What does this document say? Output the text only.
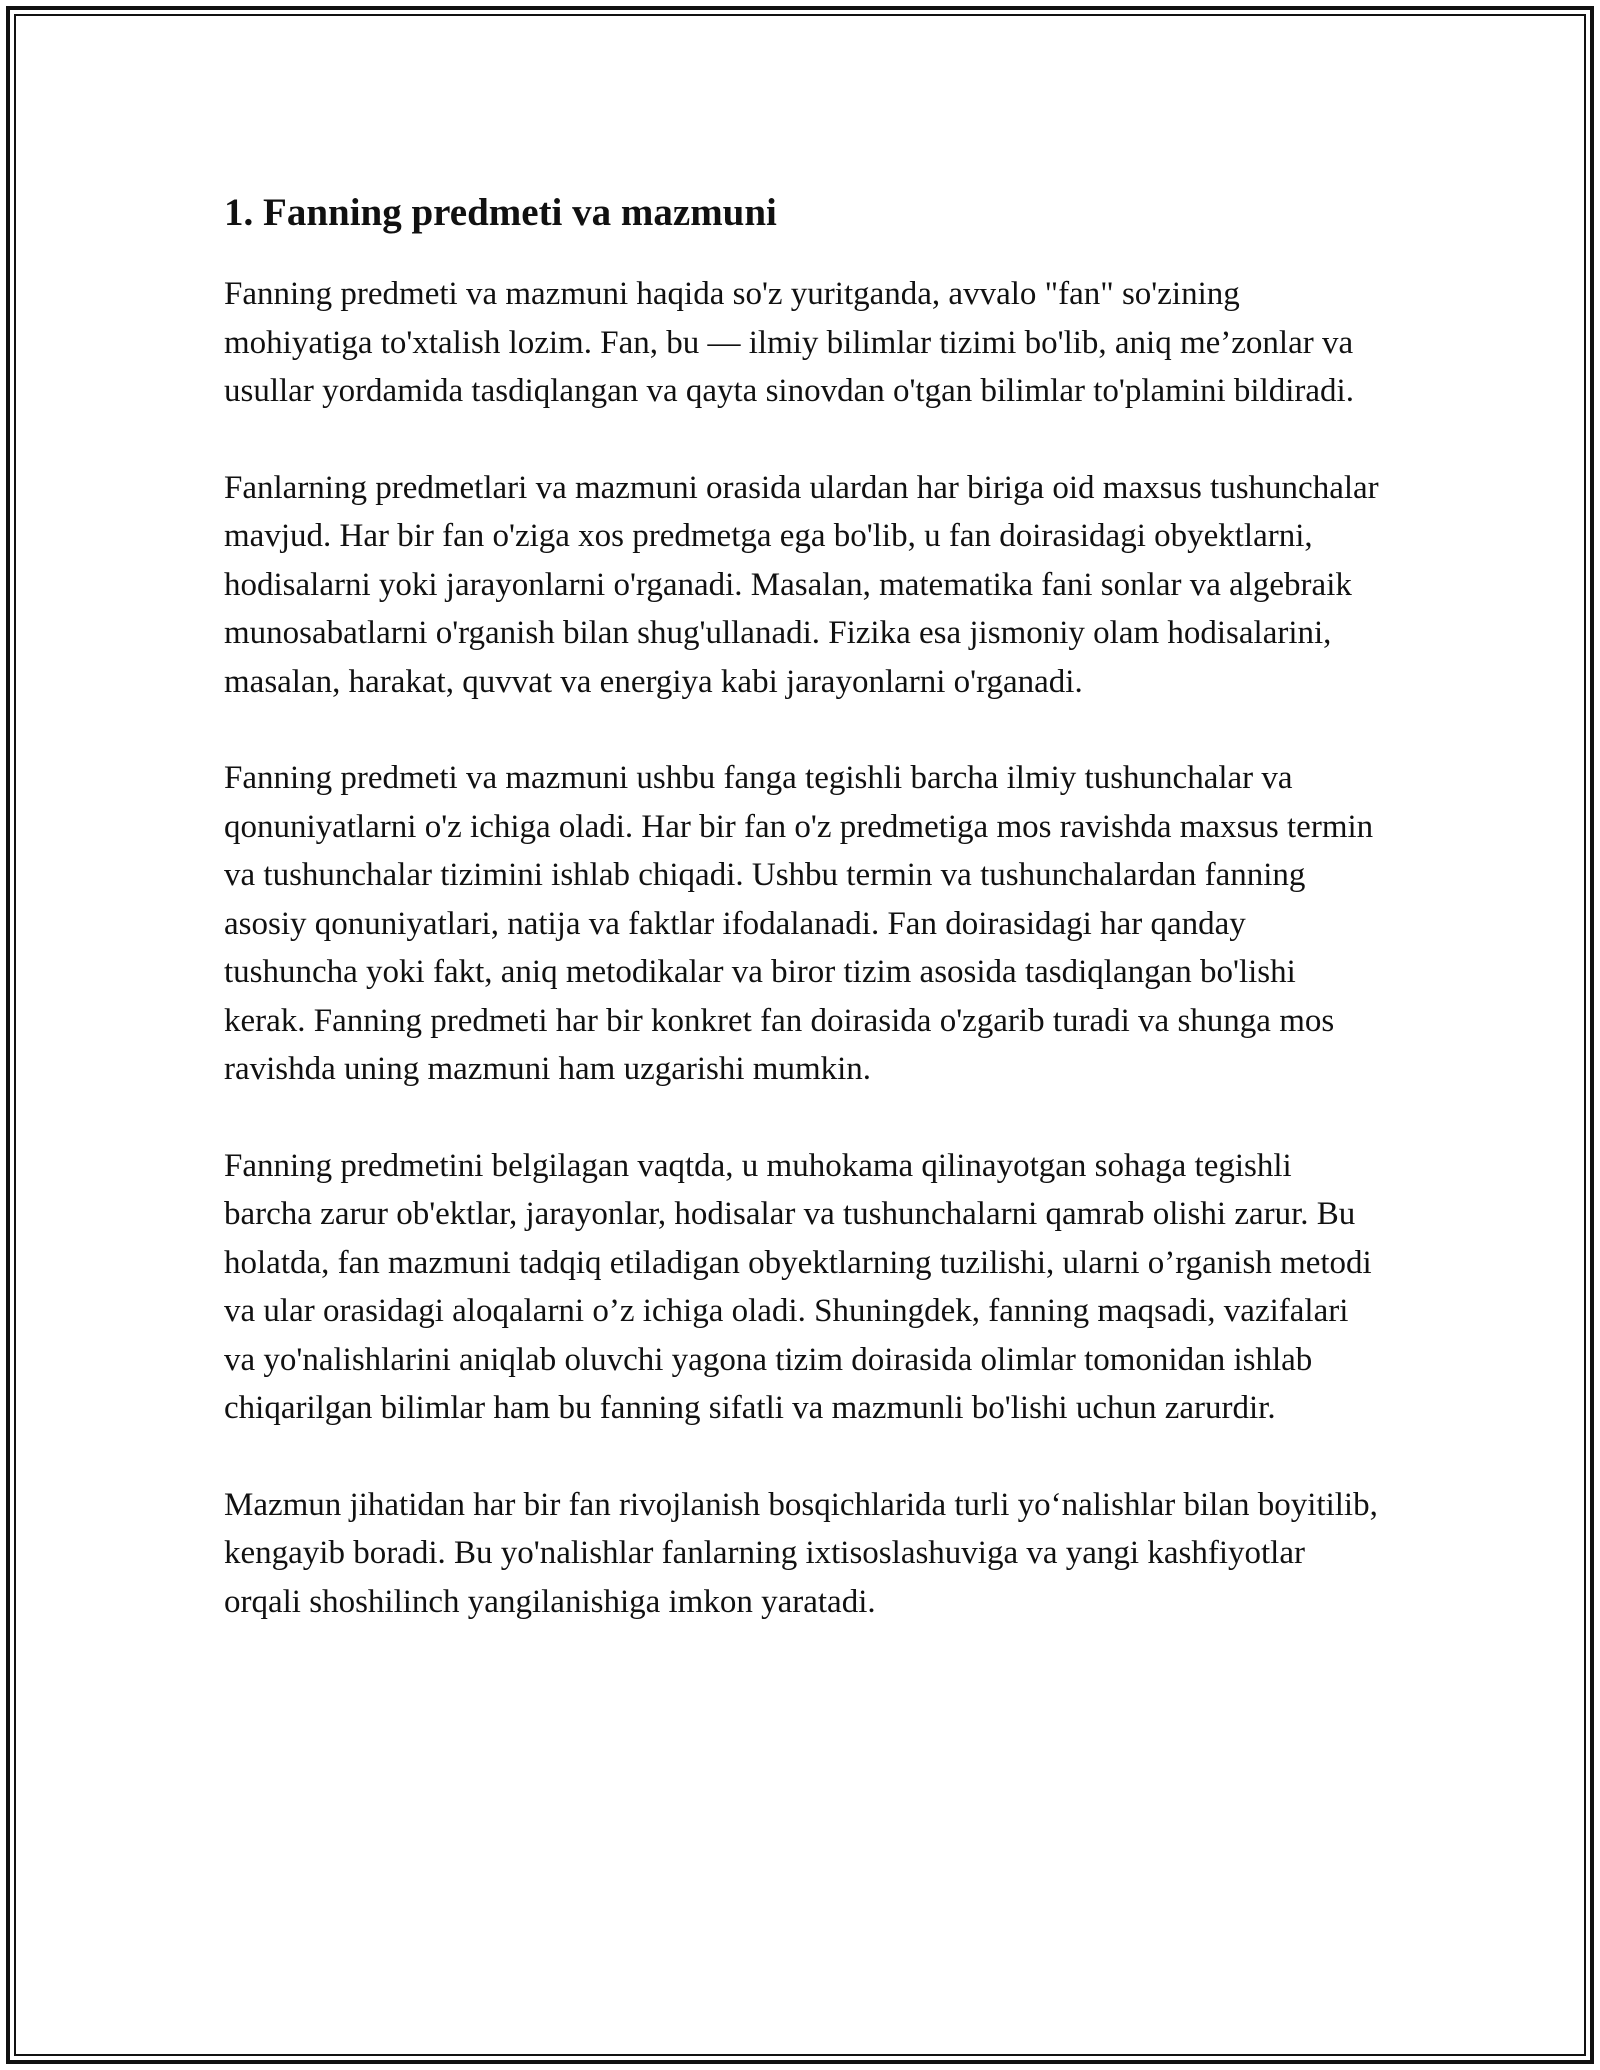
1. Fanning predmeti va mazmuni

Fanning predmeti va mazmuni haqida so'z yuritganda, avvalo "fan" so'zining mohiyatiga to'xtalish lozim. Fan, bu — ilmiy bilimlar tizimi bo'lib, aniq me’zonlar va usullar yordamida tasdiqlangan va qayta sinovdan o'tgan bilimlar to'plamini bildiradi.

Fanlarning predmetlari va mazmuni orasida ulardan har biriga oid maxsus tushunchalar mavjud. Har bir fan o'ziga xos predmetga ega bo'lib, u fan doirasidagi obyektlarni, hodisalarni yoki jarayonlarni o'rganadi. Masalan, matematika fani sonlar va algebraik munosabatlarni o'rganish bilan shug'ullanadi. Fizika esa jismoniy olam hodisalarini, masalan, harakat, quvvat va energiya kabi jarayonlarni o'rganadi.

Fanning predmeti va mazmuni ushbu fanga tegishli barcha ilmiy tushunchalar va qonuniyatlarni o'z ichiga oladi. Har bir fan o'z predmetiga mos ravishda maxsus termin va tushunchalar tizimini ishlab chiqadi. Ushbu termin va tushunchalardan fanning asosiy qonuniyatlari, natija va faktlar ifodalanadi. Fan doirasidagi har qanday tushuncha yoki fakt, aniq metodikalar va biror tizim asosida tasdiqlangan bo'lishi kerak. Fanning predmeti har bir konkret fan doirasida o'zgarib turadi va shunga mos ravishda uning mazmuni ham uzgarishi mumkin.

Fanning predmetini belgilagan vaqtda, u muhokama qilinayotgan sohaga tegishli barcha zarur ob'ektlar, jarayonlar, hodisalar va tushunchalarni qamrab olishi zarur. Bu holatda, fan mazmuni tadqiq etiladigan obyektlarning tuzilishi, ularni o’rganish metodi va ular orasidagi aloqalarni o’z ichiga oladi. Shuningdek, fanning maqsadi, vazifalari va yo'nalishlarini aniqlab oluvchi yagona tizim doirasida olimlar tomonidan ishlab chiqarilgan bilimlar ham bu fanning sifatli va mazmunli bo'lishi uchun zarurdir.

Mazmun jihatidan har bir fan rivojlanish bosqichlarida turli yo‘nalishlar bilan boyitilib, kengayib boradi. Bu yo'nalishlar fanlarning ixtisoslashuviga va yangi kashfiyotlar orqali shoshilinch yangilanishiga imkon yaratadi.
